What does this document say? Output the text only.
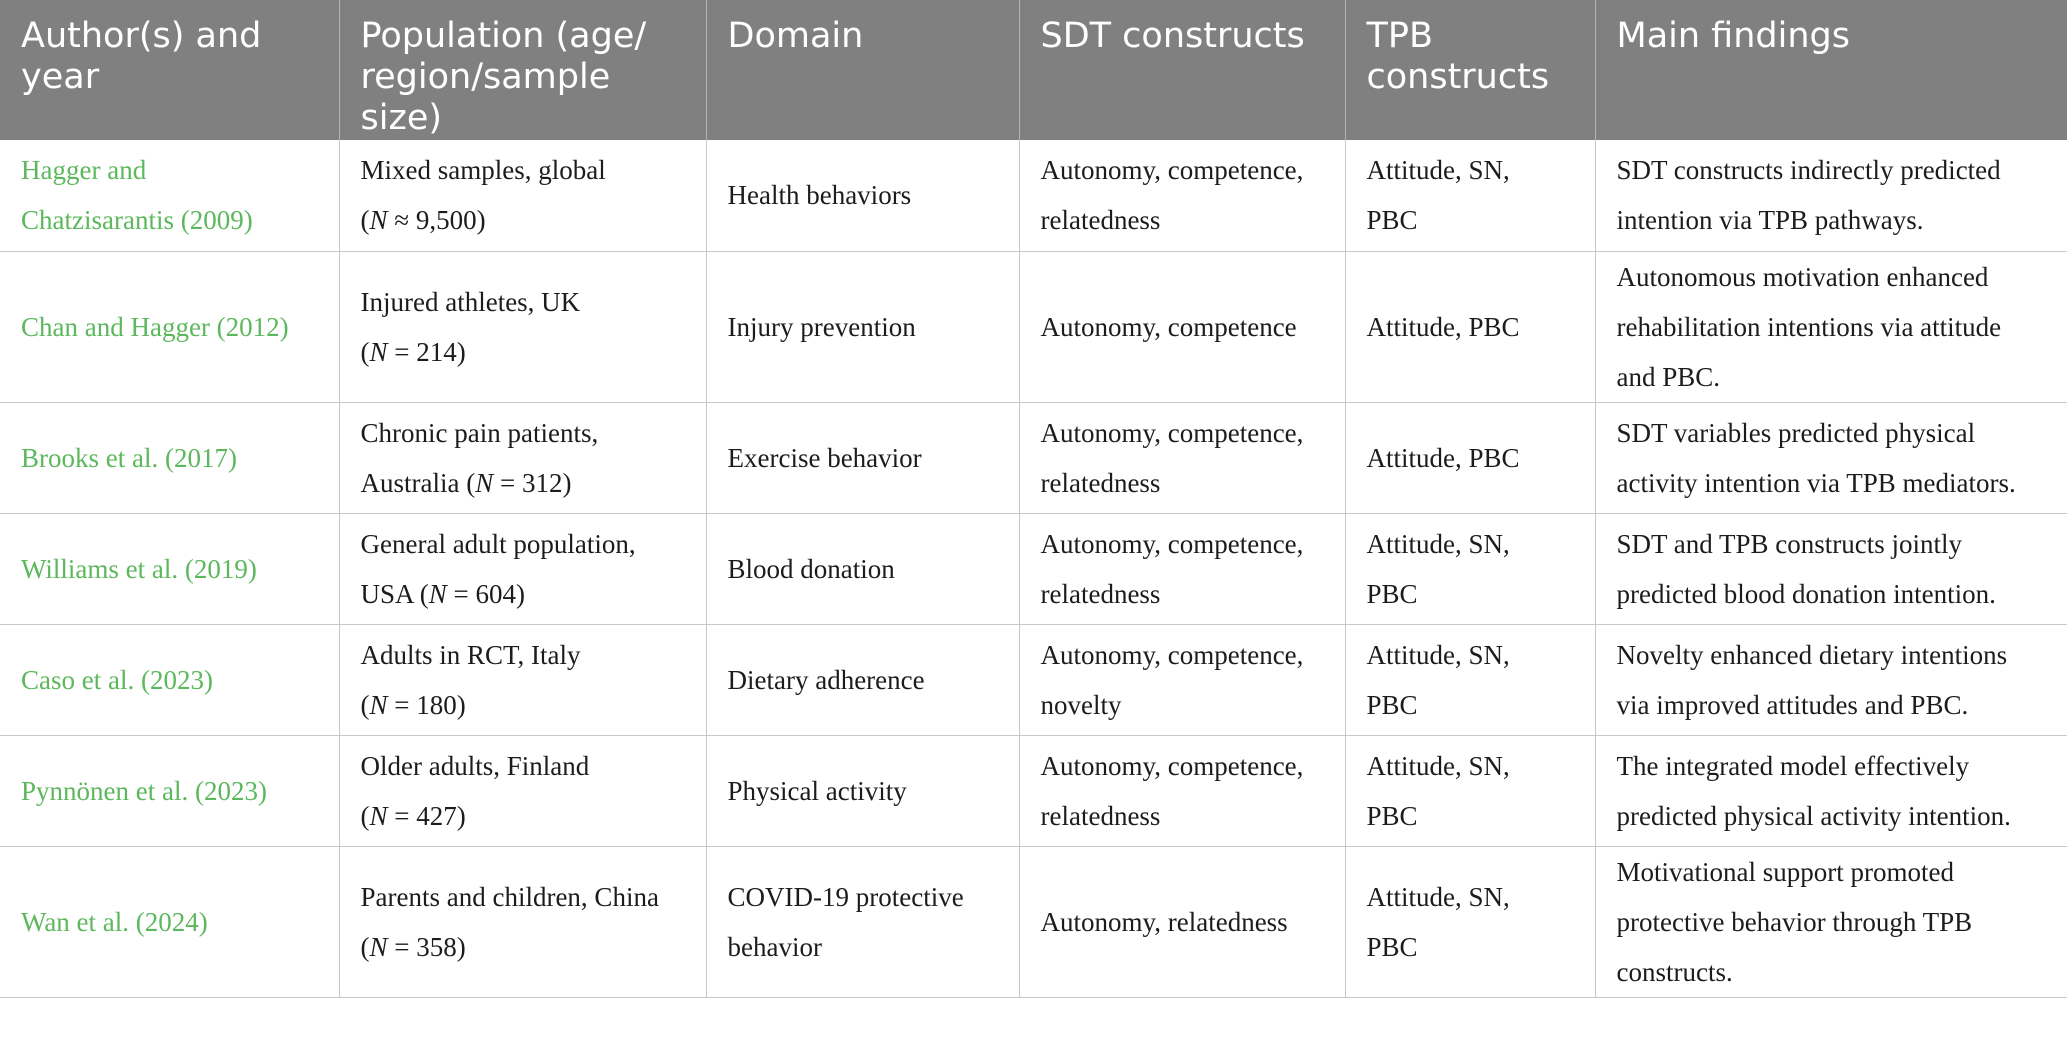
Author(s) and
year	Population (age/
region/sample
size)	Domain	SDT constructs	TPB
constructs	Main findings

Hagger and
Chatzisarantis (2009)	Mixed samples, global
(N ≈ 9,500)	Health behaviors	Autonomy, competence,
relatedness	Attitude, SN,
PBC	SDT constructs indirectly predicted
intention via TPB pathways.

Chan and Hagger (2012)	Injured athletes, UK
(N = 214)	Injury prevention	Autonomy, competence	Attitude, PBC	Autonomous motivation enhanced
rehabilitation intentions via attitude
and PBC.

Brooks et al. (2017)	Chronic pain patients,
Australia (N = 312)	Exercise behavior	Autonomy, competence,
relatedness	Attitude, PBC	SDT variables predicted physical
activity intention via TPB mediators.

Williams et al. (2019)	General adult population,
USA (N = 604)	Blood donation	Autonomy, competence,
relatedness	Attitude, SN,
PBC	SDT and TPB constructs jointly
predicted blood donation intention.

Caso et al. (2023)	Adults in RCT, Italy
(N = 180)	Dietary adherence	Autonomy, competence,
novelty	Attitude, SN,
PBC	Novelty enhanced dietary intentions
via improved attitudes and PBC.

Pynnönen et al. (2023)	Older adults, Finland
(N = 427)	Physical activity	Autonomy, competence,
relatedness	Attitude, SN,
PBC	The integrated model effectively
predicted physical activity intention.

Wan et al. (2024)	Parents and children, China
(N = 358)	COVID-19 protective
behavior	Autonomy, relatedness	Attitude, SN,
PBC	Motivational support promoted
protective behavior through TPB
constructs.
